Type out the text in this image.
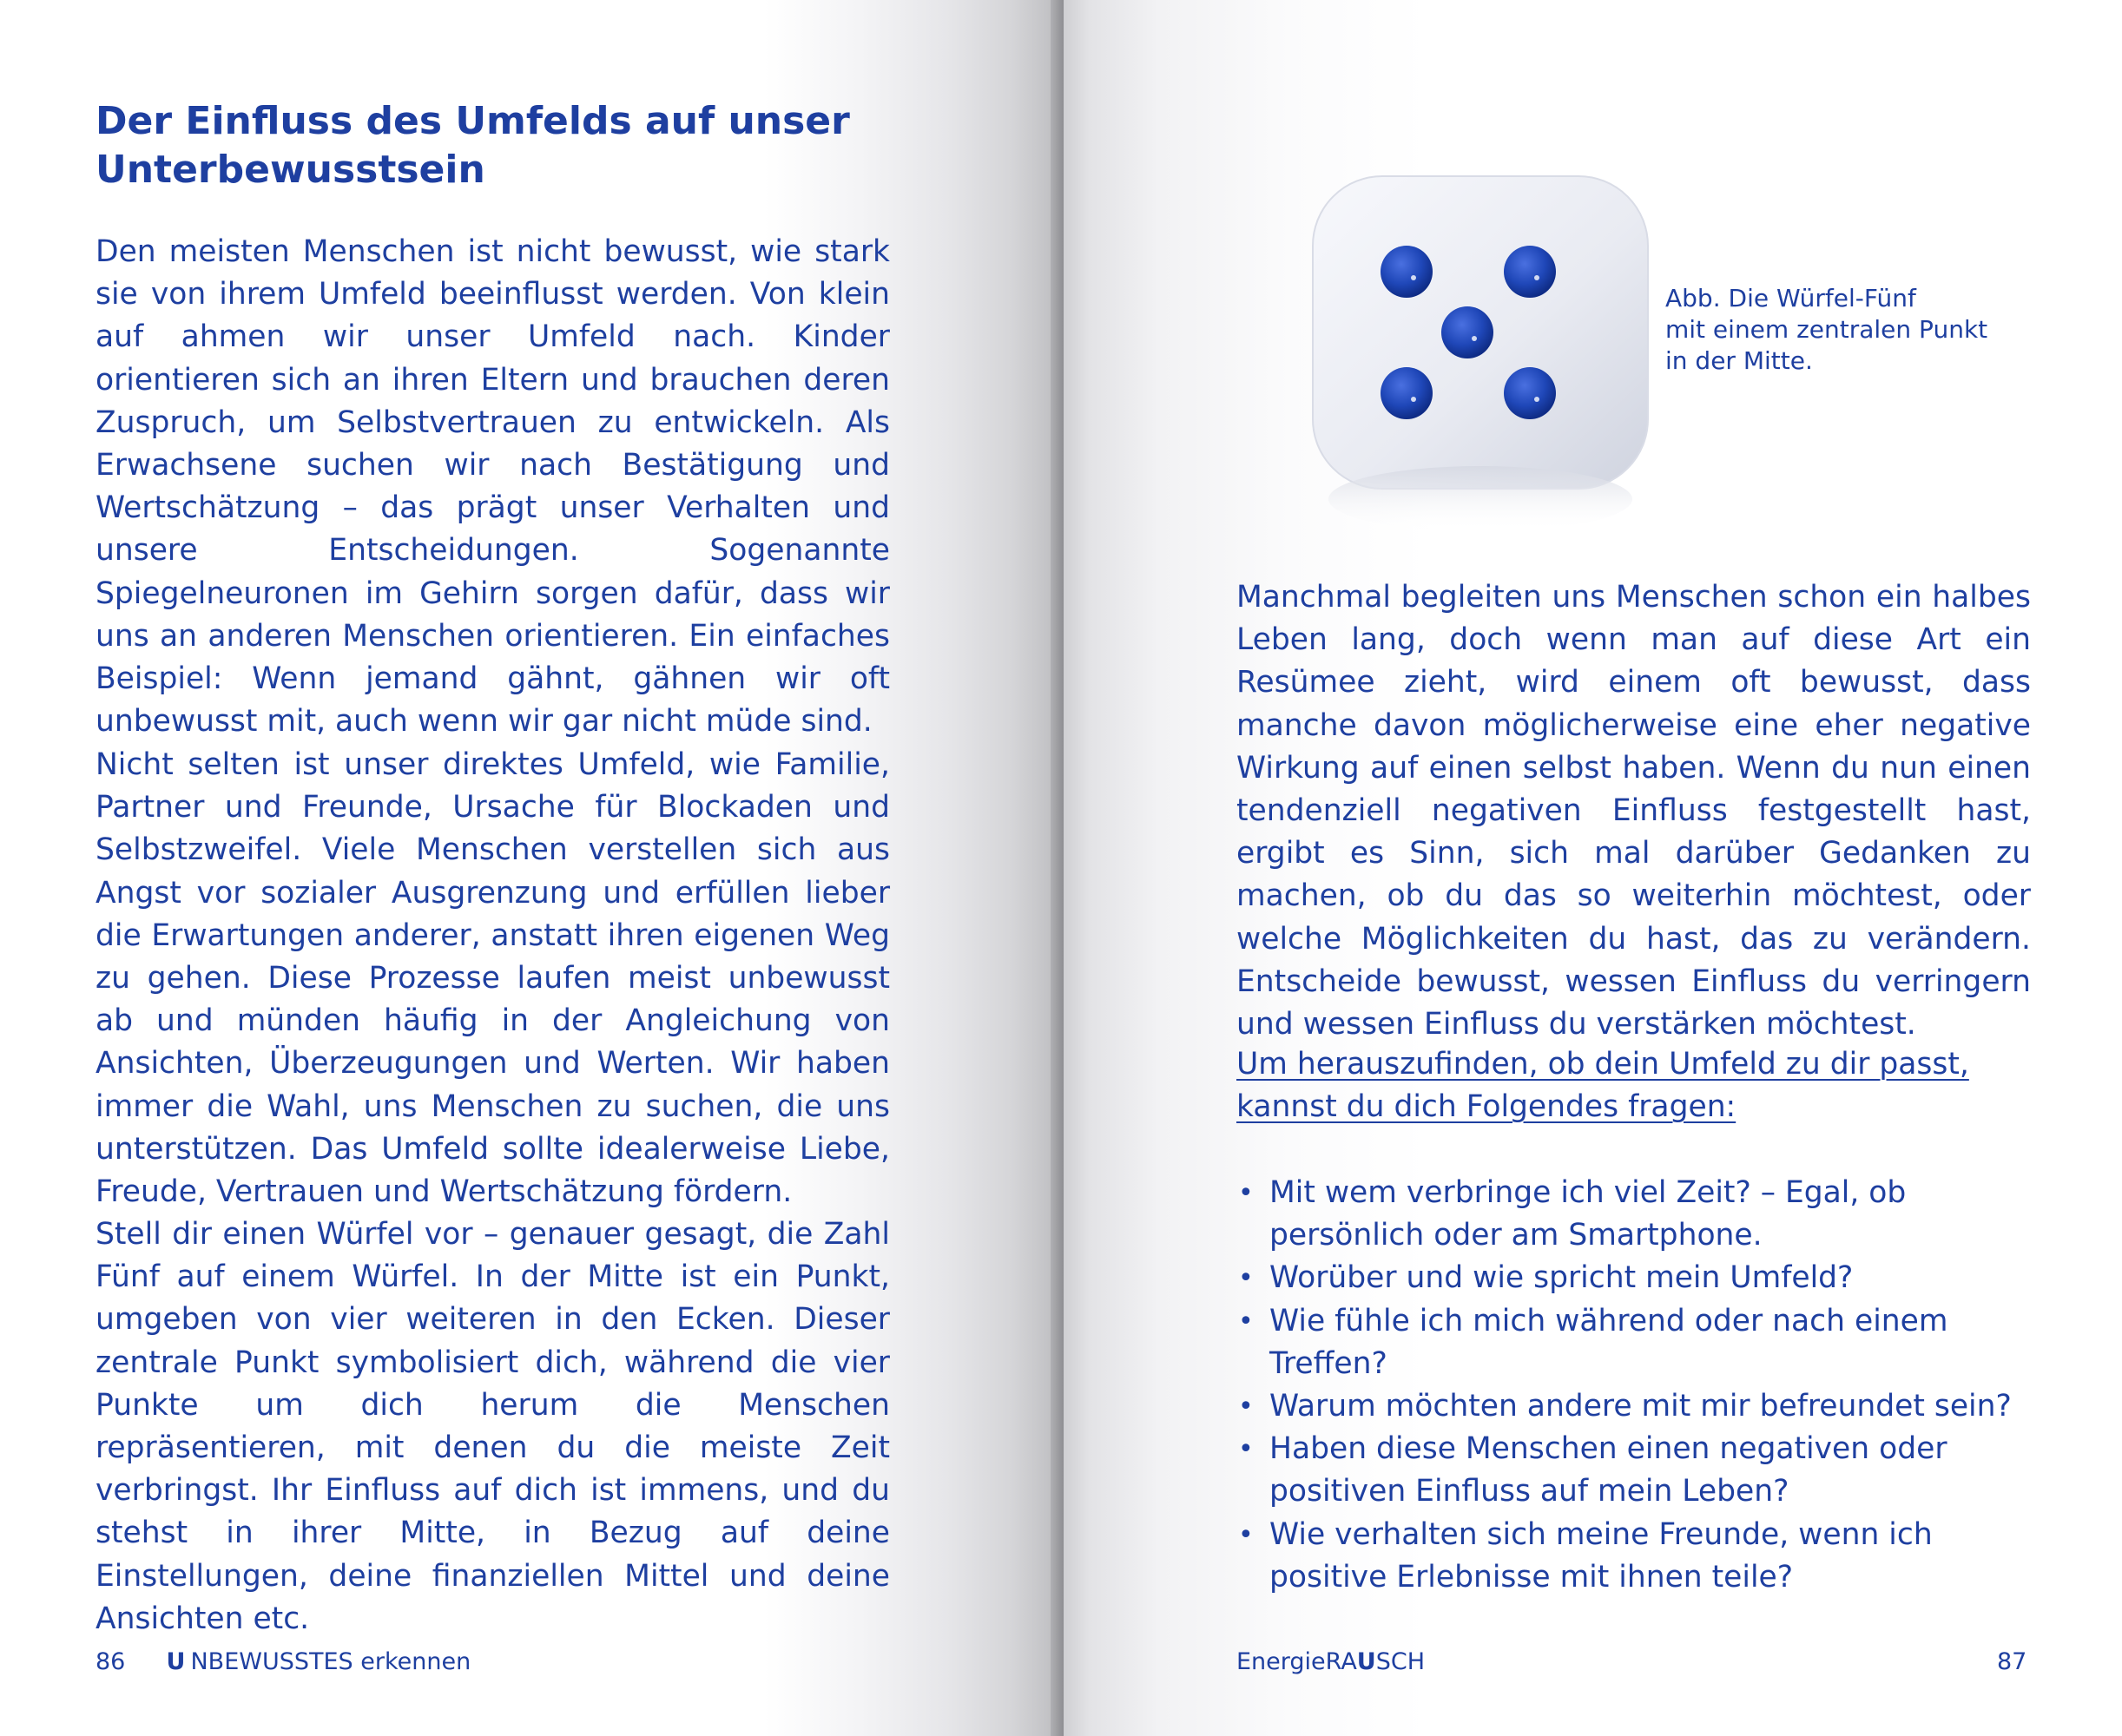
Der Einfluss des Umfelds auf unser Unterbewusstsein

Den meisten Menschen ist nicht bewusst, wie stark sie von ihrem Umfeld beeinflusst werden. Von klein auf ahmen wir unser Umfeld nach. Kinder orientieren sich an ihren Eltern und brauchen deren Zuspruch, um Selbstvertrauen zu entwickeln. Als Erwachsene suchen wir nach Bestätigung und Wertschätzung – das prägt unser Verhalten und unsere Entscheidungen. Sogenannte Spiegelneuronen im Gehirn sorgen dafür, dass wir uns an anderen Menschen orientieren. Ein einfaches Beispiel: Wenn jemand gähnt, gähnen wir oft unbewusst mit, auch wenn wir gar nicht müde sind.

Nicht selten ist unser direktes Umfeld, wie Familie, Partner und Freunde, Ursache für Blockaden und Selbstzweifel. Viele Menschen verstellen sich aus Angst vor sozialer Ausgrenzung und erfüllen lieber die Erwartungen anderer, anstatt ihren eigenen Weg zu gehen. Diese Prozesse laufen meist unbewusst ab und münden häufig in der Angleichung von Ansichten, Überzeugungen und Werten. Wir haben immer die Wahl, uns Menschen zu suchen, die uns unterstützen. Das Umfeld sollte idealerweise Liebe, Freude, Vertrauen und Wertschätzung fördern.

Stell dir einen Würfel vor – genauer gesagt, die Zahl Fünf auf einem Würfel. In der Mitte ist ein Punkt, umgeben von vier weiteren in den Ecken. Dieser zentrale Punkt symbolisiert dich, während die vier Punkte um dich herum die Menschen repräsentieren, mit denen du die meiste Zeit verbringst. Ihr Einfluss auf dich ist immens, und du stehst in ihrer Mitte, in Bezug auf deine Einstellungen, deine finanziellen Mittel und deine Ansichten etc.

86 U NBEWUSSTES erkennen
Abb. Die Würfel-Fünf
mit einem zentralen Punkt
in der Mitte.

Manchmal begleiten uns Menschen schon ein halbes Leben lang, doch wenn man auf diese Art ein Resümee zieht, wird einem oft bewusst, dass manche davon möglicherweise eine eher negative Wirkung auf einen selbst haben. Wenn du nun einen tendenziell negativen Einfluss festgestellt hast, ergibt es Sinn, sich mal darüber Gedanken zu machen, ob du das so weiterhin möchtest, oder welche Möglichkeiten du hast, das zu verändern. Entscheide bewusst, wessen Einfluss du verringern und wessen Einfluss du verstärken möchtest.

Um herauszufinden, ob dein Umfeld zu dir passt, kannst du dich Folgendes fragen:

• Mit wem verbringe ich viel Zeit? – Egal, ob persönlich oder am Smartphone.
• Worüber und wie spricht mein Umfeld?
• Wie fühle ich mich während oder nach einem Treffen?
• Warum möchten andere mit mir befreundet sein?
• Haben diese Menschen einen negativen oder positiven Einfluss auf mein Leben?
• Wie verhalten sich meine Freunde, wenn ich positive Erlebnisse mit ihnen teile?
EnergieRAUSCH	87
